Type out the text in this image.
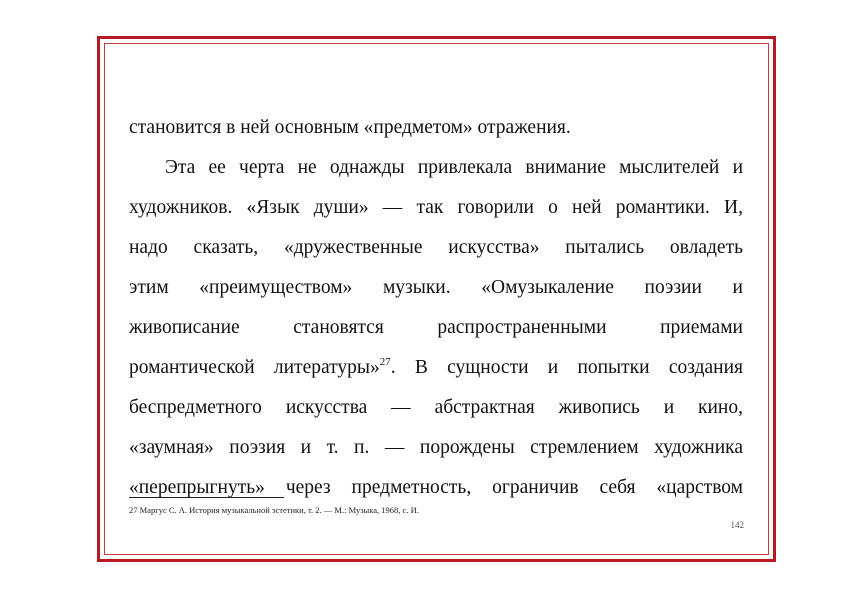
становится в ней основным «предметом» отражения.
Эта ее черта не однажды привлекала внимание мыслителей и
художников. «Язык души» — так говорили о ней романтики. И,
надо сказать, «дружественные искусства» пытались овладеть
этим «преимуществом» музыки. «Омузыкаление поэзии и
живописание становятся распространенными приемами
романтической литературы»$^{27}$. В сущности и попытки создания
беспредметного искусства — абстрактная живопись и кино,
«заумная» поэзия и т. п. — порождены стремлением художника
«перепрыгнуть» через предметность, ограничив себя «царством
27 Маргус С. А. История музыкальной эстетики, т. 2. — М.: Музыка, 1968, с. И.
142
